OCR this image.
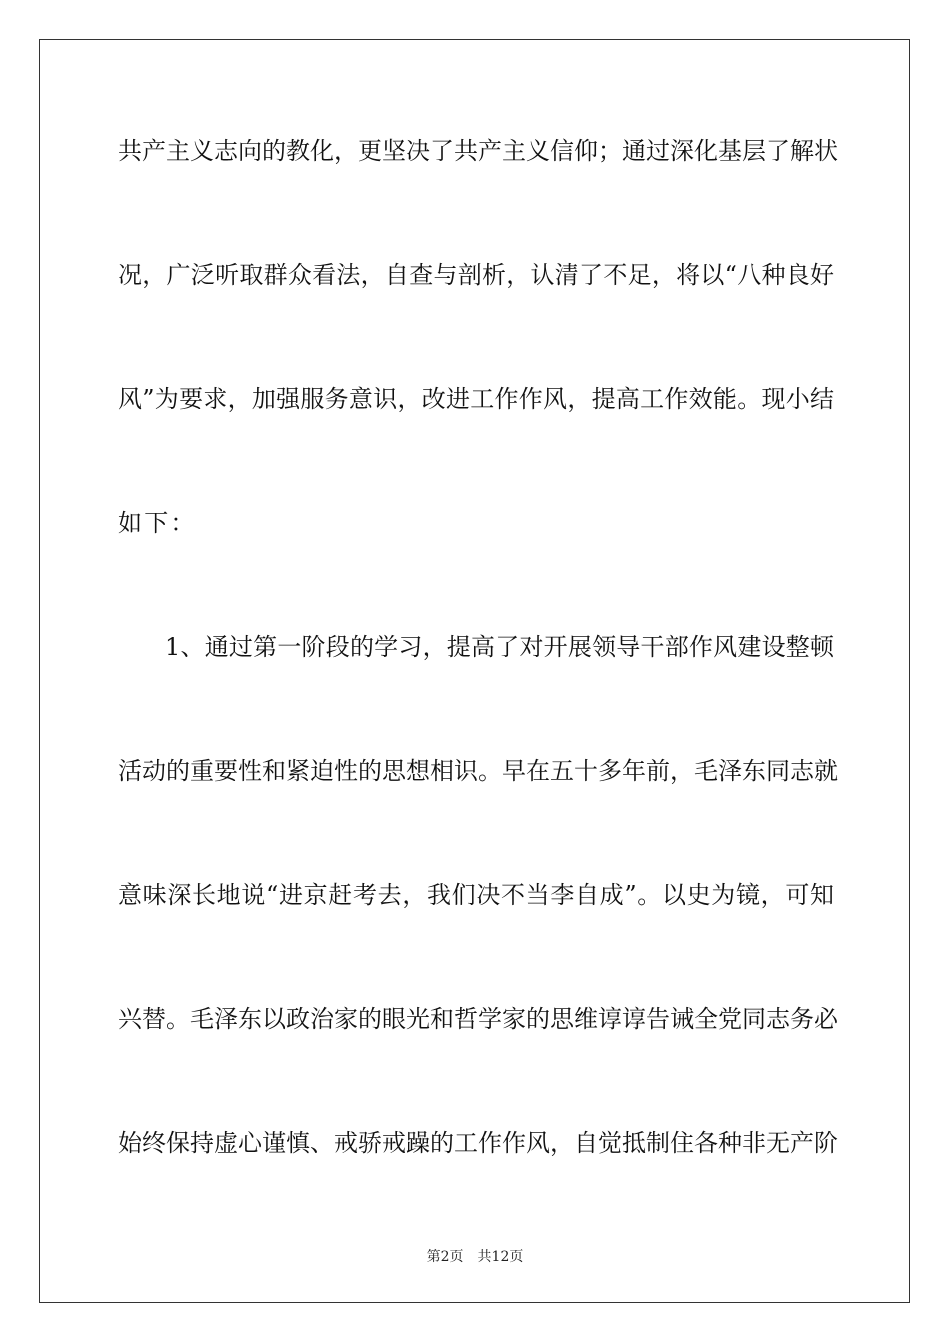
共产主义志向的教化，更坚决了共产主义信仰；通过深化基层了解状
况，广泛听取群众看法，自查与剖析，认清了不足，将以“八种良好
风”为要求，加强服务意识，改进工作作风，提高工作效能。现小结
如下：
1、通过第一阶段的学习，提高了对开展领导干部作风建设整顿
活动的重要性和紧迫性的思想相识。早在五十多年前，毛泽东同志就
意味深长地说“进京赶考去，我们决不当李自成”。以史为镜，可知
兴替。毛泽东以政治家的眼光和哲学家的思维谆谆告诫全党同志务必
始终保持虚心谨慎、戒骄戒躁的工作作风，自觉抵制住各种非无产阶
第2页 共12页
